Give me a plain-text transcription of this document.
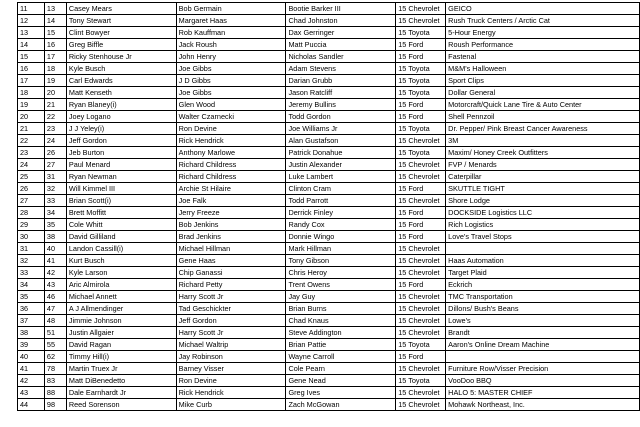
11	13	Casey Mears	Bob Germain	Bootie Barker III	15 Chevrolet	GEICO
12	14	Tony Stewart	Margaret Haas	Chad Johnston	15 Chevrolet	Rush Truck Centers / Arctic Cat
13	15	Clint Bowyer	Rob Kauffman	Dax Gerringer	15 Toyota	5-Hour Energy
14	16	Greg Biffle	Jack Roush	Matt Puccia	15 Ford	Roush Performance
15	17	Ricky Stenhouse Jr	John Henry	Nicholas Sandler	15 Ford	Fastenal
16	18	Kyle Busch	Joe Gibbs	Adam Stevens	15 Toyota	M&M's Halloween
17	19	Carl Edwards	J D Gibbs	Darian Grubb	15 Toyota	Sport Clips
18	20	Matt Kenseth	Joe Gibbs	Jason Ratcliff	15 Toyota	Dollar General
19	21	Ryan Blaney(i)	Glen Wood	Jeremy Bullins	15 Ford	Motorcraft/Quick Lane Tire & Auto Center
20	22	Joey Logano	Walter Czarnecki	Todd Gordon	15 Ford	Shell Pennzoil
21	23	J J Yeley(i)	Ron Devine	Joe Williams Jr	15 Toyota	Dr. Pepper/ Pink Breast Cancer Awareness
22	24	Jeff Gordon	Rick Hendrick	Alan Gustafson	15 Chevrolet	3M
23	26	Jeb Burton	Anthony Marlowe	Patrick Donahue	15 Toyota	Maxim/ Honey Creek Outfitters
24	27	Paul Menard	Richard Childress	Justin Alexander	15 Chevrolet	FVP / Menards
25	31	Ryan Newman	Richard Childress	Luke Lambert	15 Chevrolet	Caterpillar
26	32	Will Kimmel III	Archie St Hilaire	Clinton Cram	15 Ford	SKUTTLE TIGHT
27	33	Brian Scott(i)	Joe Falk	Todd Parrott	15 Chevrolet	Shore Lodge
28	34	Brett Moffitt	Jerry Freeze	Derrick Finley	15 Ford	DOCKSIDE Logistics LLC
29	35	Cole Whitt	Bob Jenkins	Randy Cox	15 Ford	Rich Logistics
30	38	David Gilliland	Brad Jenkins	Donnie Wingo	15 Ford	Love's Travel Stops
31	40	Landon Cassill(i)	Michael Hillman	Mark Hillman	15 Chevrolet	
32	41	Kurt Busch	Gene Haas	Tony Gibson	15 Chevrolet	Haas Automation
33	42	Kyle Larson	Chip Ganassi	Chris Heroy	15 Chevrolet	Target Plaid
34	43	Aric Almirola	Richard Petty	Trent Owens	15 Ford	Eckrich
35	46	Michael Annett	Harry Scott Jr	Jay Guy	15 Chevrolet	TMC Transportation
36	47	A J Allmendinger	Tad Geschickter	Brian Burns	15 Chevrolet	Dillons/ Bush's Beans
37	48	Jimmie Johnson	Jeff Gordon	Chad Knaus	15 Chevrolet	Lowe's
38	51	Justin Allgaier	Harry Scott Jr	Steve Addington	15 Chevrolet	Brandt
39	55	David Ragan	Michael Waltrip	Brian Pattie	15 Toyota	Aaron's Online Dream Machine
40	62	Timmy Hill(i)	Jay Robinson	Wayne Carroll	15 Ford	
41	78	Martin Truex Jr	Barney Visser	Cole Pearn	15 Chevrolet	Furniture Row/Visser Precision
42	83	Matt DiBenedetto	Ron Devine	Gene Nead	15 Toyota	VooDoo BBQ
43	88	Dale Earnhardt Jr	Rick Hendrick	Greg Ives	15 Chevrolet	HALO 5: MASTER CHIEF
44	98	Reed Sorenson	Mike Curb	Zach McGowan	15 Chevrolet	Mohawk Northeast, Inc.
